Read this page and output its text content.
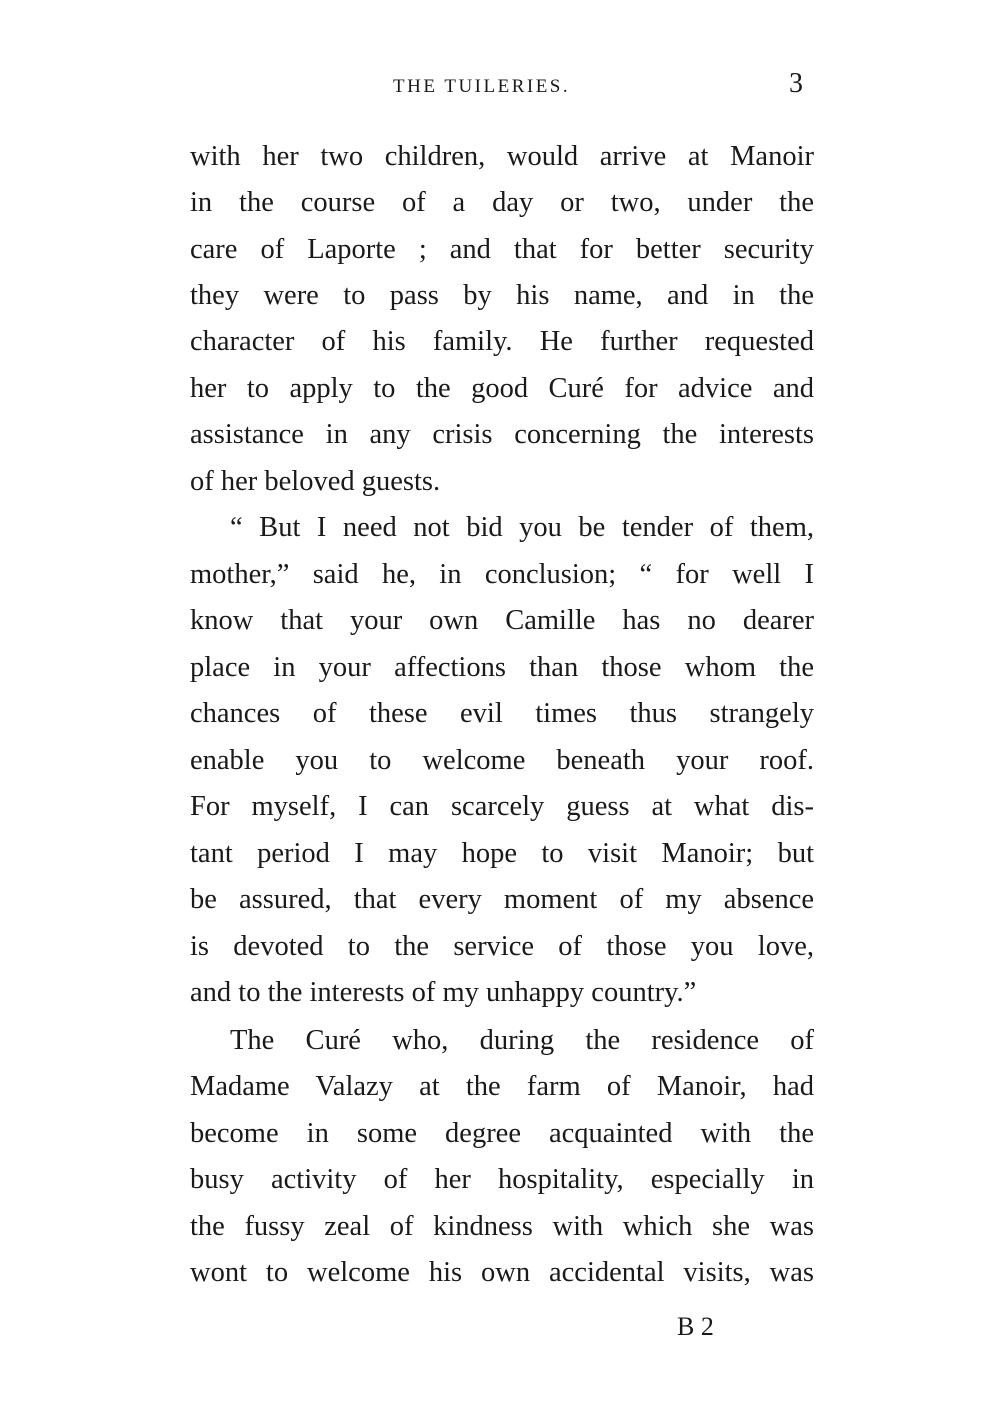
THE TUILERIES.	3
with her two children, would arrive at Manoir
in the course of a day or two, under the
care of Laporte ; and that for better security
they were to pass by his name, and in the
character of his family. He further requested
her to apply to the good Curé for advice and
assistance in any crisis concerning the interests
of her beloved guests.
“ But I need not bid you be tender of them,
mother,” said he, in conclusion; “ for well I
know that your own Camille has no dearer
place in your affections than those whom the
chances of these evil times thus strangely
enable you to welcome beneath your roof.
For myself, I can scarcely guess at what dis-
tant period I may hope to visit Manoir; but
be assured, that every moment of my absence
is devoted to the service of those you love,
and to the interests of my unhappy country.”
The Curé who, during the residence of
Madame Valazy at the farm of Manoir, had
become in some degree acquainted with the
busy activity of her hospitality, especially in
the fussy zeal of kindness with which she was
wont to welcome his own accidental visits, was
B 2
